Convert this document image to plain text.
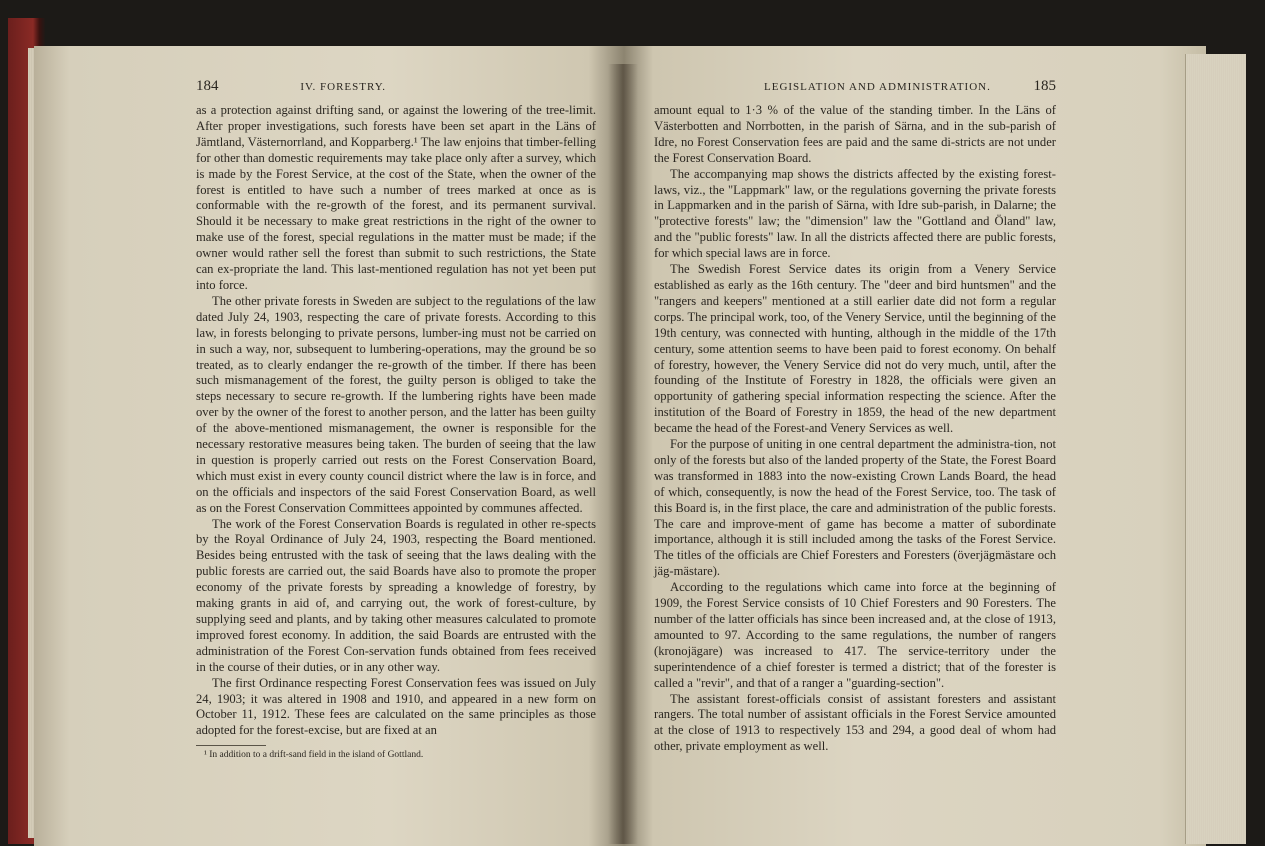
184	IV. FORESTRY.

as a protection against drifting sand, or against the lowering of the tree-limit. After proper investigations, such forests have been set apart in the Läns of Jämtland, Västernorrland, and Kopparberg.¹ The law enjoins that timber-felling for other than domestic requirements may take place only after a survey, which is made by the Forest Service, at the cost of the State, when the owner of the forest is entitled to have such a number of trees marked at once as is conformable with the re-growth of the forest, and its permanent survival. Should it be necessary to make great restrictions in the right of the owner to make use of the forest, special regulations in the matter must be made; if the owner would rather sell the forest than submit to such restrictions, the State can ex-propriate the land. This last-mentioned regulation has not yet been put into force.

The other private forests in Sweden are subject to the regulations of the law dated July 24, 1903, respecting the care of private forests. According to this law, in forests belonging to private persons, lumber-ing must not be carried on in such a way, nor, subsequent to lumbering-operations, may the ground be so treated, as to clearly endanger the re-growth of the timber. If there has been such mismanagement of the forest, the guilty person is obliged to take the steps necessary to secure re-growth. If the lumbering rights have been made over by the owner of the forest to another person, and the latter has been guilty of the above-mentioned mismanagement, the owner is responsible for the necessary restorative measures being taken. The burden of seeing that the law in question is properly carried out rests on the Forest Conservation Board, which must exist in every county council district where the law is in force, and on the officials and inspectors of the said Forest Conservation Board, as well as on the Forest Conservation Committees appointed by communes affected.

The work of the Forest Conservation Boards is regulated in other re-spects by the Royal Ordinance of July 24, 1903, respecting the Board mentioned. Besides being entrusted with the task of seeing that the laws dealing with the public forests are carried out, the said Boards have also to promote the proper economy of the private forests by spreading a knowledge of forestry, by making grants in aid of, and carrying out, the work of forest-culture, by supplying seed and plants, and by taking other measures calculated to promote improved forest economy. In addition, the said Boards are entrusted with the administration of the Forest Con-servation funds obtained from fees received in the course of their duties, or in any other way.

The first Ordinance respecting Forest Conservation fees was issued on July 24, 1903; it was altered in 1908 and 1910, and appeared in a new form on October 11, 1912. These fees are calculated on the same principles as those adopted for the forest-excise, but are fixed at an

¹ In addition to a drift-sand field in the island of Gottland.
LEGISLATION AND ADMINISTRATION.	185

amount equal to 1·3 % of the value of the standing timber. In the Läns of Västerbotten and Norrbotten, in the parish of Särna, and in the sub-parish of Idre, no Forest Conservation fees are paid and the same di-stricts are not under the Forest Conservation Board.

The accompanying map shows the districts affected by the existing forest-laws, viz., the "Lappmark" law, or the regulations governing the private forests in Lappmarken and in the parish of Särna, with Idre sub-parish, in Dalarne; the "protective forests" law; the "dimension" law the "Gottland and Öland" law, and the "public forests" law. In all the districts affected there are public forests, for which special laws are in force.

The Swedish Forest Service dates its origin from a Venery Service established as early as the 16th century. The "deer and bird huntsmen" and the "rangers and keepers" mentioned at a still earlier date did not form a regular corps. The principal work, too, of the Venery Service, until the beginning of the 19th century, was connected with hunting, although in the middle of the 17th century, some attention seems to have been paid to forest economy. On behalf of forestry, however, the Venery Service did not do very much, until, after the founding of the Institute of Forestry in 1828, the officials were given an opportunity of gathering special information respecting the science. After the institution of the Board of Forestry in 1859, the head of the new department became the head of the Forest-and Venery Services as well.

For the purpose of uniting in one central department the administra-tion, not only of the forests but also of the landed property of the State, the Forest Board was transformed in 1883 into the now-existing Crown Lands Board, the head of which, consequently, is now the head of the Forest Service, too. The task of this Board is, in the first place, the care and administration of the public forests. The care and improve-ment of game has become a matter of subordinate importance, although it is still included among the tasks of the Forest Service. The titles of the officials are Chief Foresters and Foresters (överjägmästare och jäg-mästare).

According to the regulations which came into force at the beginning of 1909, the Forest Service consists of 10 Chief Foresters and 90 Foresters. The number of the latter officials has since been increased and, at the close of 1913, amounted to 97. According to the same regulations, the number of rangers (kronojägare) was increased to 417. The service-territory under the superintendence of a chief forester is termed a district; that of the forester is called a "revir", and that of a ranger a "guarding-section".

The assistant forest-officials consist of assistant foresters and assistant rangers. The total number of assistant officials in the Forest Service amounted at the close of 1913 to respectively 153 and 294, a good deal of whom had other, private employment as well.
